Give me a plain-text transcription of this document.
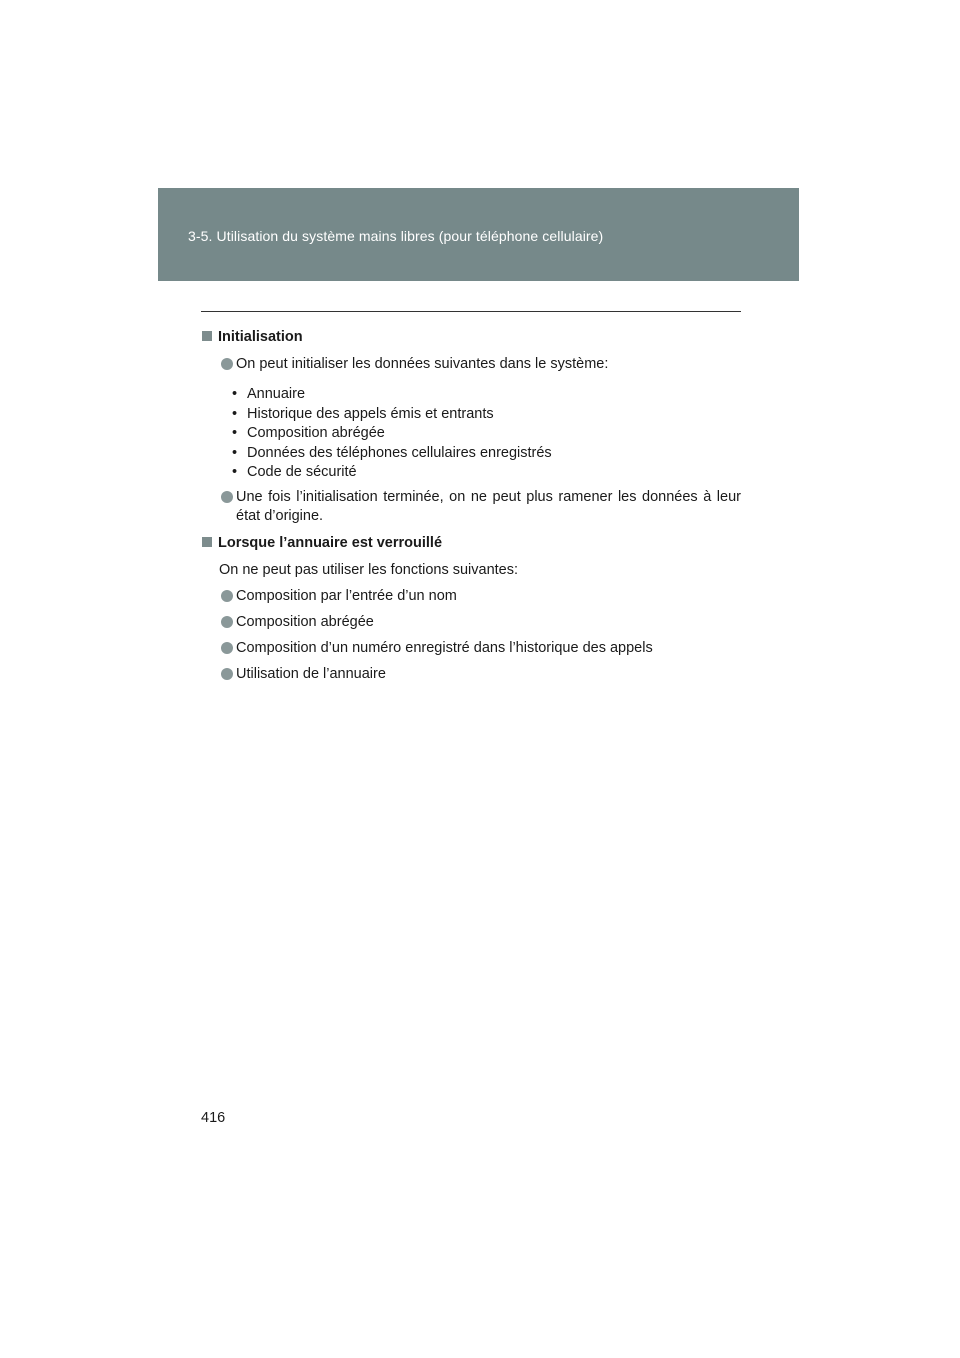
3-5. Utilisation du système mains libres (pour téléphone cellulaire)
Initialisation
On peut initialiser les données suivantes dans le système:
• Annuaire
• Historique des appels émis et entrants
• Composition abrégée
• Données des téléphones cellulaires enregistrés
• Code de sécurité
Une fois l’initialisation terminée, on ne peut plus ramener les données à leur état d’origine.
Lorsque l’annuaire est verrouillé
On ne peut pas utiliser les fonctions suivantes:
Composition par l’entrée d’un nom
Composition abrégée
Composition d’un numéro enregistré dans l’historique des appels
Utilisation de l’annuaire
416
